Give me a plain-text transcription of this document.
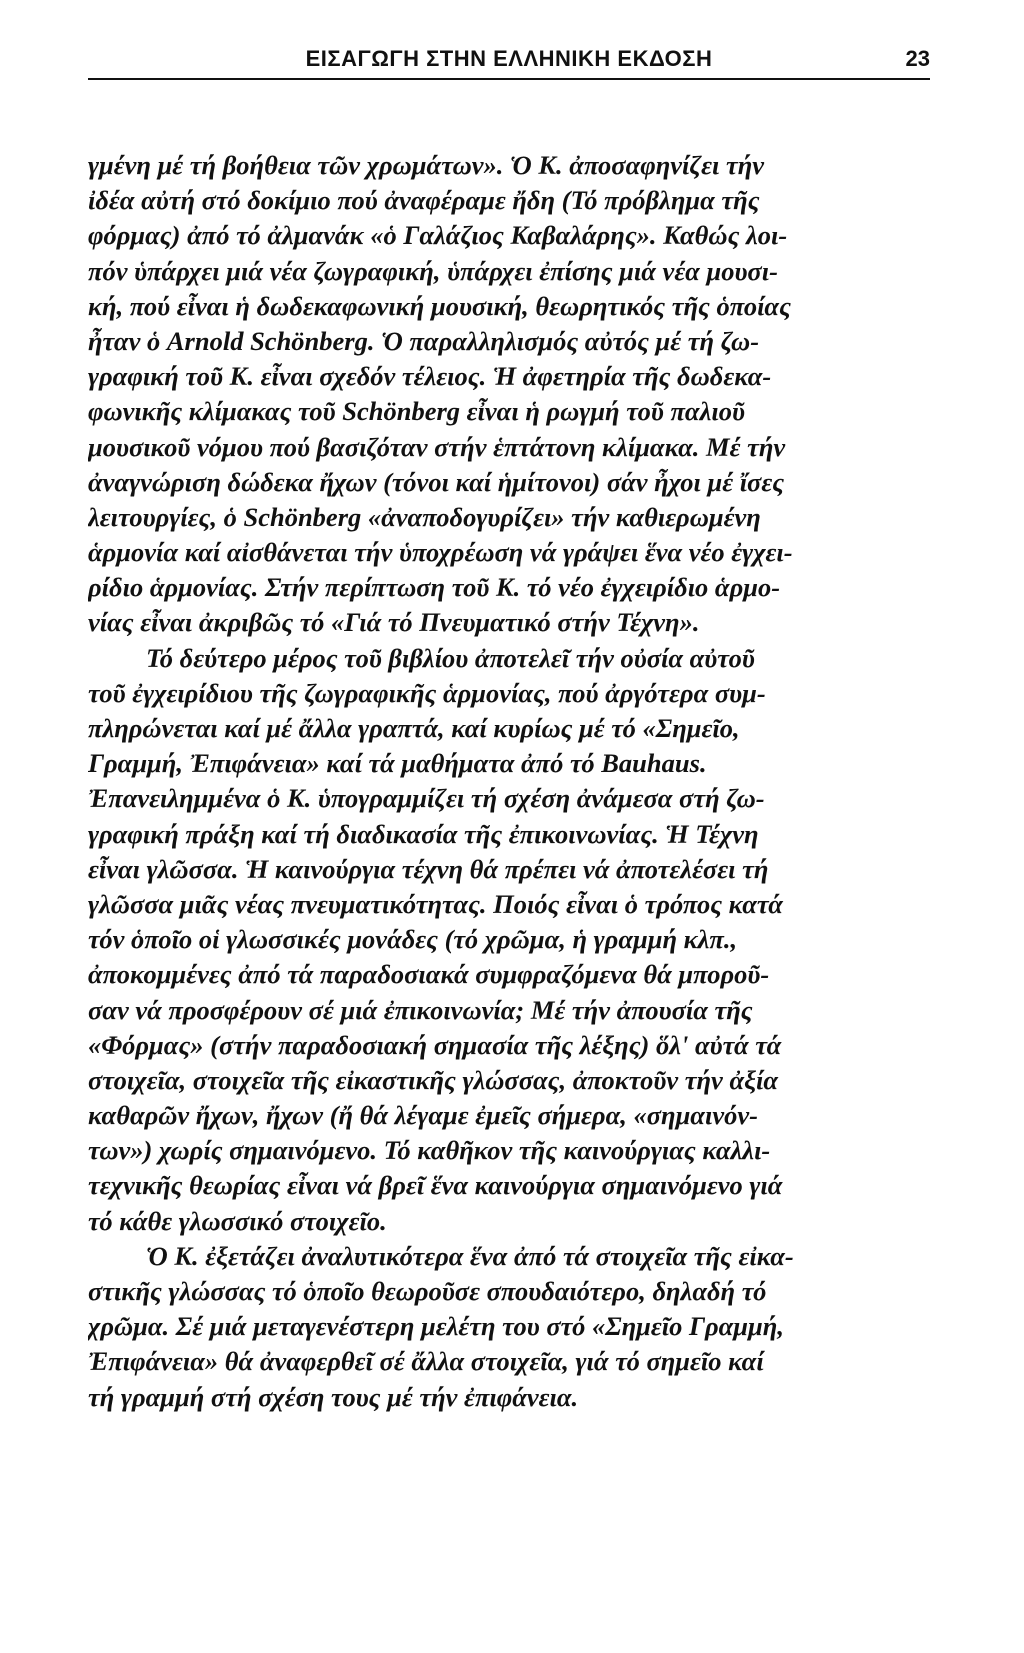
ΕΙΣΑΓΩΓΗ ΣΤΗΝ ΕΛΛΗΝΙΚΗ ΕΚΔΟΣΗ	23
γμένη μέ τή βοήθεια τῶν χρωμάτων». Ὁ Κ. ἀποσαφηνίζει τήν
ἰδέα αὐτή στό δοκίμιο πού ἀναφέραμε ἤδη (Τό πρόβλημα τῆς
φόρμας) ἀπό τό ἀλμανάκ «ὁ Γαλάζιος Καβαλάρης». Καθώς λοι-
πόν ὑπάρχει μιά νέα ζωγραφική, ὑπάρχει ἐπίσης μιά νέα μουσι-
κή, πού εἶναι ἡ δωδεκαφωνική μουσική, θεωρητικός τῆς ὁποίας
ἦταν ὁ Arnold Schönberg. Ὁ παραλληλισμός αὐτός μέ τή ζω-
γραφική τοῦ Κ. εἶναι σχεδόν τέλειος. Ἡ ἀφετηρία τῆς δωδεκα-
φωνικῆς κλίμακας τοῦ Schönberg εἶναι ἡ ρωγμή τοῦ παλιοῦ
μουσικοῦ νόμου πού βασιζόταν στήν ἑπτάτονη κλίμακα. Μέ τήν
ἀναγνώριση δώδεκα ἤχων (τόνοι καί ἡμίτονοι) σάν ἦχοι μέ ἴσες
λειτουργίες, ὁ Schönberg «ἀναποδογυρίζει» τήν καθιερωμένη
ἁρμονία καί αἰσθάνεται τήν ὑποχρέωση νά γράψει ἕνα νέο ἐγχει-
ρίδιο ἁρμονίας. Στήν περίπτωση τοῦ Κ. τό νέο ἐγχειρίδιο ἁρμο-
νίας εἶναι ἀκριβῶς τό «Γιά τό Πνευματικό στήν Τέχνη».
Τό δεύτερο μέρος τοῦ βιβλίου ἀποτελεῖ τήν οὐσία αὐτοῦ
τοῦ ἐγχειρίδιου τῆς ζωγραφικῆς ἁρμονίας, πού ἀργότερα συμ-
πληρώνεται καί μέ ἄλλα γραπτά, καί κυρίως μέ τό «Σημεῖο,
Γραμμή, Ἐπιφάνεια» καί τά μαθήματα ἀπό τό Bauhaus.
Ἐπανειλημμένα ὁ Κ. ὑπογραμμίζει τή σχέση ἀνάμεσα στή ζω-
γραφική πράξη καί τή διαδικασία τῆς ἐπικοινωνίας. Ἡ Τέχνη
εἶναι γλῶσσα. Ἡ καινούργια τέχνη θά πρέπει νά ἀποτελέσει τή
γλῶσσα μιᾶς νέας πνευματικότητας. Ποιός εἶναι ὁ τρόπος κατά
τόν ὁποῖο οἱ γλωσσικές μονάδες (τό χρῶμα, ἡ γραμμή κλπ.,
ἀποκομμένες ἀπό τά παραδοσιακά συμφραζόμενα θά μποροῦ-
σαν νά προσφέρουν σέ μιά ἐπικοινωνία; Μέ τήν ἀπουσία τῆς
«Φόρμας» (στήν παραδοσιακή σημασία τῆς λέξης) ὅλ' αὐτά τά
στοιχεῖα, στοιχεῖα τῆς εἰκαστικῆς γλώσσας, ἀποκτοῦν τήν ἀξία
καθαρῶν ἤχων, ἤχων (ἤ θά λέγαμε ἐμεῖς σήμερα, «σημαινόν-
των») χωρίς σημαινόμενο. Τό καθῆκον τῆς καινούργιας καλλι-
τεχνικῆς θεωρίας εἶναι νά βρεῖ ἕνα καινούργια σημαινόμενο γιά
τό κάθε γλωσσικό στοιχεῖο.
Ὁ Κ. ἐξετάζει ἀναλυτικότερα ἕνα ἀπό τά στοιχεῖα τῆς εἰκα-
στικῆς γλώσσας τό ὁποῖο θεωροῦσε σπουδαιότερο, δηλαδή τό
χρῶμα. Σέ μιά μεταγενέστερη μελέτη του στό «Σημεῖο Γραμμή,
Ἐπιφάνεια» θά ἀναφερθεῖ σέ ἄλλα στοιχεῖα, γιά τό σημεῖο καί
τή γραμμή στή σχέση τους μέ τήν ἐπιφάνεια.
